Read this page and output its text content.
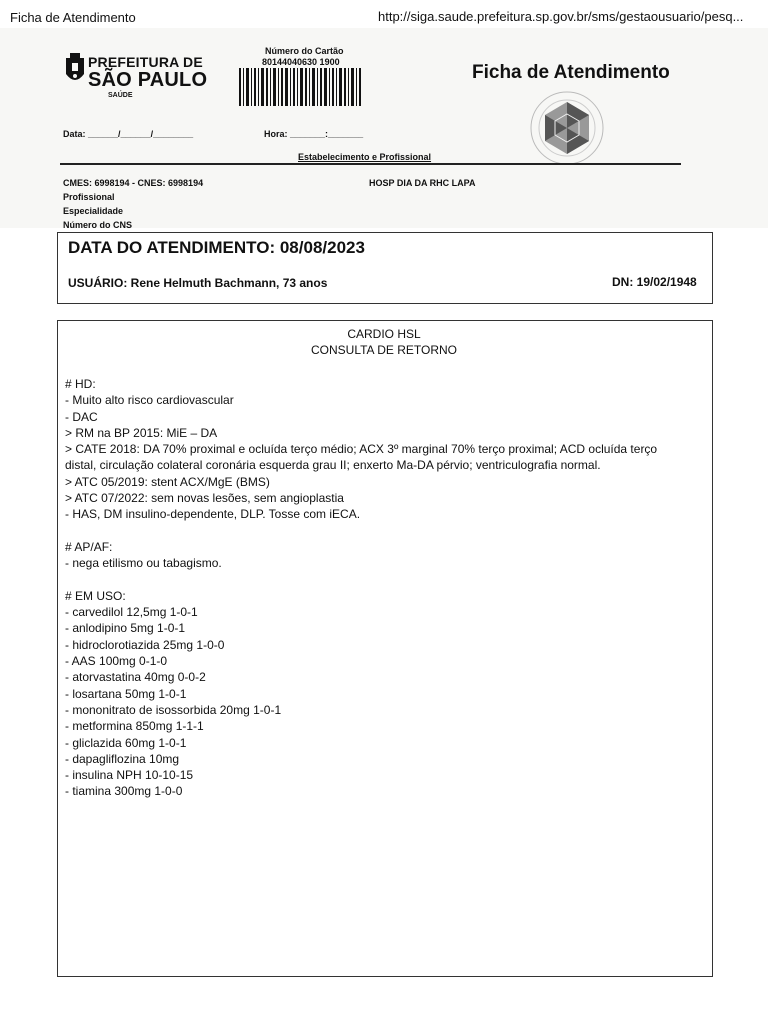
Ficha de Atendimento	http://siga.saude.prefeitura.sp.gov.br/sms/gestaousuario/pesq...
PREFEITURA DE
SÃO PAULO
SAÚDE
Número do Cartão
80144040630 1900	Ficha de Atendimento
Data: ______/______/________	Hora: _______:_______
Estabelecimento e Profissional
CMES: 6998194 - CNES: 6998194	HOSP DIA DA RHC LAPA
Profissional
Especialidade
Número do CNS
DATA DO ATENDIMENTO: 08/08/2023
USUÁRIO: Rene Helmuth Bachmann, 73 anos	DN: 19/02/1948
CARDIO HSL
CONSULTA DE RETORNO
# HD:
- Muito alto risco cardiovascular
- DAC
> RM na BP 2015: MiE – DA
> CATE 2018: DA 70% proximal e ocluída terço médio; ACX 3º marginal 70% terço proximal; ACD ocluída terço
distal, circulação colateral coronária esquerda grau II; enxerto Ma-DA pérvio; ventriculografia normal.
> ATC 05/2019: stent ACX/MgE (BMS)
> ATC 07/2022: sem novas lesões, sem angioplastia
- HAS, DM insulino-dependente, DLP. Tosse com iECA.
# AP/AF:
- nega etilismo ou tabagismo.
# EM USO:
- carvedilol 12,5mg 1-0-1
- anlodipino 5mg 1-0-1
- hidroclorotiazida 25mg 1-0-0
- AAS 100mg 0-1-0
- atorvastatina 40mg 0-0-2
- losartana 50mg 1-0-1
- mononitrato de isossorbida 20mg 1-0-1
- metformina 850mg 1-1-1
- gliclazida 60mg 1-0-1
- dapagliflozina 10mg
- insulina NPH 10-10-15
- tiamina 300mg 1-0-0
